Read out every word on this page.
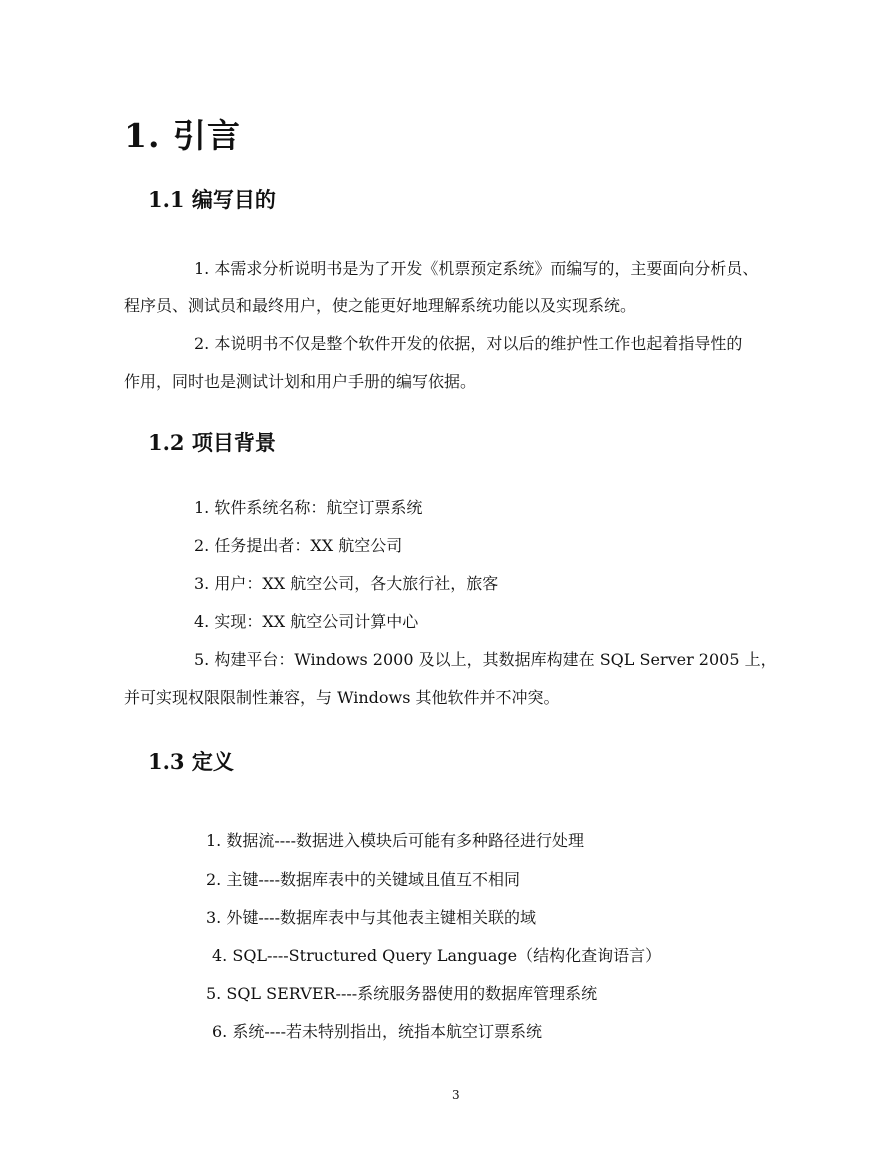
1. 引言
1.1 编写目的
1. 本需求分析说明书是为了开发《机票预定系统》而编写的，主要面向分析员、
程序员、测试员和最终用户，使之能更好地理解系统功能以及实现系统。
2. 本说明书不仅是整个软件开发的依据，对以后的维护性工作也起着指导性的
作用，同时也是测试计划和用户手册的编写依据。
1.2 项目背景
1. 软件系统名称：航空订票系统
2. 任务提出者：XX 航空公司
3. 用户：XX 航空公司，各大旅行社，旅客
4. 实现：XX 航空公司计算中心
5. 构建平台：Windows 2000 及以上，其数据库构建在 SQL Server 2005 上，
并可实现权限限制性兼容，与 Windows 其他软件并不冲突。
1.3 定义
1. 数据流----数据进入模块后可能有多种路径进行处理
2. 主键----数据库表中的关键域且值互不相同
3. 外键----数据库表中与其他表主键相关联的域
4. SQL----Structured Query Language（结构化查询语言）
5. SQL SERVER----系统服务器使用的数据库管理系统
6. 系统----若未特别指出，统指本航空订票系统
3
